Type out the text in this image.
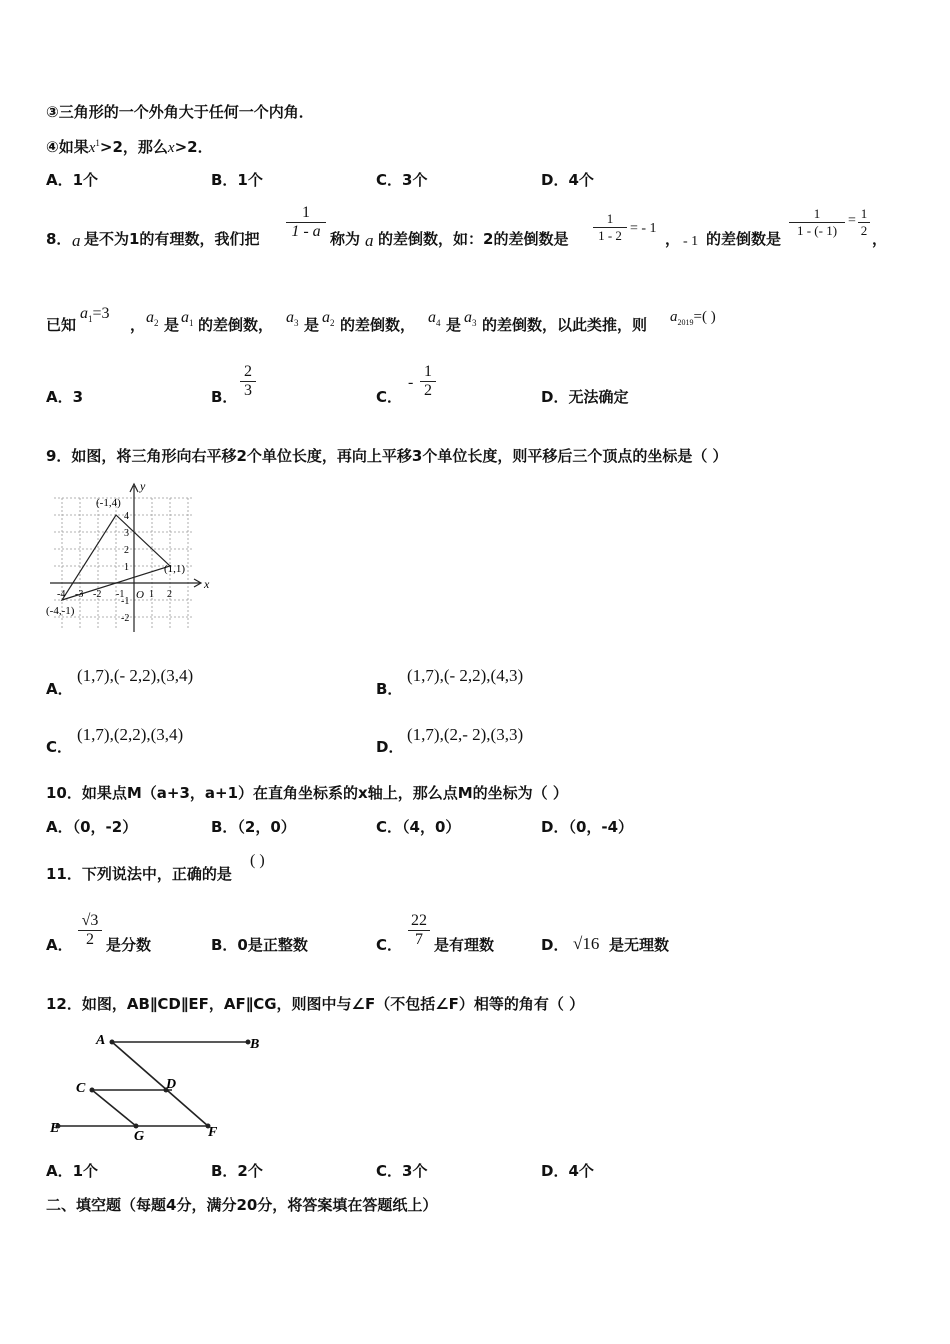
③三角形的一个外角大于任何一个内角．
④如果$x^1>2$，那么x>2．
A．1个	B．1个	C．3个	D．4个
8． a 是不为1的有理数，我们把
1
1 - a 称为 a 的差倒数，如：2的差倒数是
1
1 - 2 = - 1
， - 1 的差倒数是
1
1 - (- 1)
= 1
2 ，
已知
$a_1=3$
， $a_2$ 是 $a_1$ 的差倒数， $a_3$ 是 $a_2$ 的差倒数， $a_4$ 是 $a_3$ 的差倒数，以此类推，则 $a_{2019}=$( )
A．3	B．
2
3	C．
-
1
2	D．无法确定
9．如图，将三角形向右平移2个单位长度，再向上平移3个单位长度，则平移后三个顶点的坐标是（ ）
x
y
O
(-1,4)
(1,1)
(-4,-1)
-4 -3 -2 -1 1 2
4
3
2
1
-1
-2
A．
(1,7),(- 2,2),(3,4)
B．
(1,7),(- 2,2),(4,3)
C．
(1,7),(2,2),(3,4)
D．
(1,7),(2,- 2),(3,3)
10．如果点M（a+3，a+1）在直角坐标系的x轴上，那么点M的坐标为（ ）
A．（0，-2）	B．（2，0）	C．（4，0）	D．（0，-4）
11．下列说法中，正确的是
( )
A．
√3
2 是分数	B．0是正整数	C．
22
7 是有理数	D． √16 是无理数
12．如图，AB∥CD∥EF，AF∥CG，则图中与∠F（不包括∠F）相等的角有（ ）
A	B
C	D
E
G	F
A．1个	B．2个	C．3个	D．4个
二、填空题（每题4分，满分20分，将答案填在答题纸上）
